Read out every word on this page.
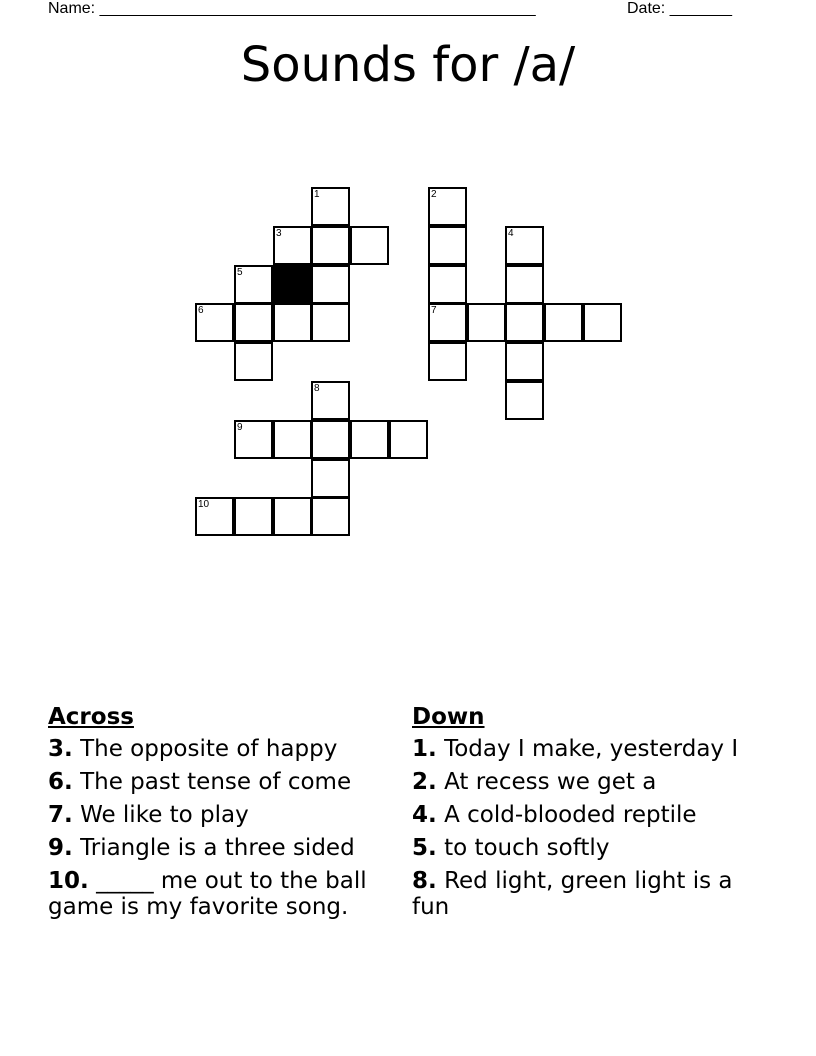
Name: _________________________________________________	Date: _______
Sounds for /a/
1	2
3	4
5
6	7
8
9
10
Across
3. The opposite of happy
6. The past tense of come
7. We like to play
9. Triangle is a three sided
10. _____ me out to the ball game is my favorite song.
Down
1. Today I make, yesterday I
2. At recess we get a
4. A cold-blooded reptile
5. to touch softly
8. Red light, green light is a fun
